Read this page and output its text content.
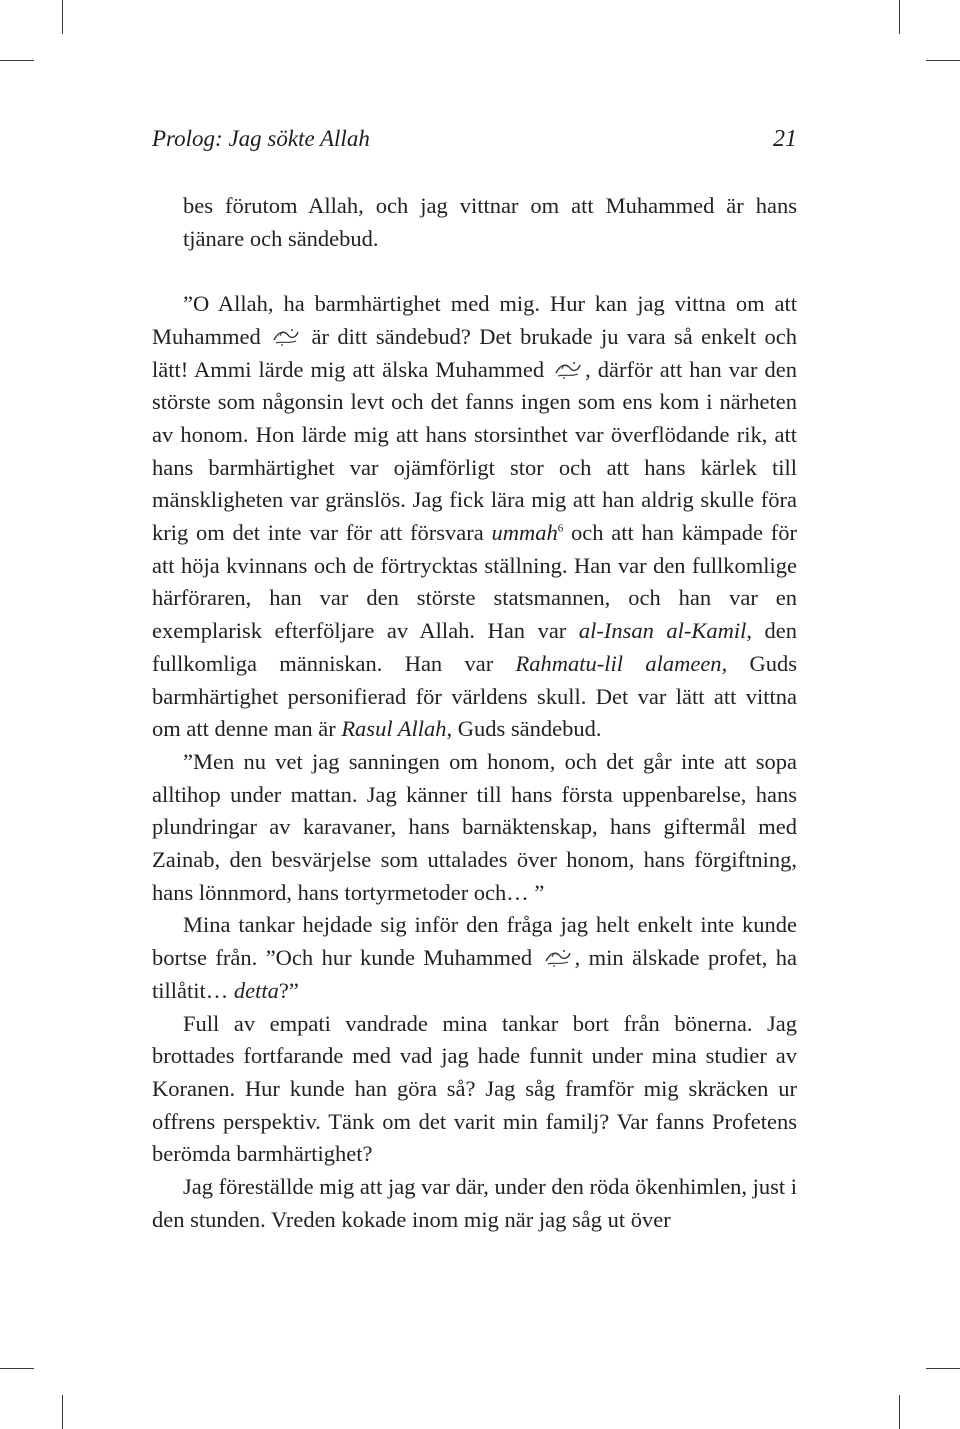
Prolog: Jag sökte Allah	21

bes förutom Allah, och jag vittnar om att Muhammed är hans tjänare och sändebud.

”O Allah, ha barmhärtighet med mig. Hur kan jag vittna om att Muhammed
är ditt sändebud? Det brukade ju vara så enkelt och lätt! Ammi lärde mig att älska Muhammed
, därför att han var den störste som någonsin levt och det fanns ingen som ens kom i närheten av honom. Hon lärde mig att hans storsinthet var överflödande rik, att hans barmhärtighet var ojämförligt stor och att hans kärlek till mänskligheten var gränslös. Jag fick lära mig att han aldrig skulle föra krig om det inte var för att försvara ummah$^6$ och att han kämpade för att höja kvinnans och de förtrycktas ställning. Han var den fullkomlige härföraren, han var den störste statsmannen, och han var en exemplarisk efterföljare av Allah. Han var al-Insan al-Kamil, den fullkomliga människan. Han var Rahmatu-lil alameen, Guds barmhärtighet personifierad för världens skull. Det var lätt att vittna om att denne man är Rasul Allah, Guds sändebud.

”Men nu vet jag sanningen om honom, och det går inte att sopa alltihop under mattan. Jag känner till hans första uppenbarelse, hans plundringar av karavaner, hans barnäktenskap, hans giftermål med Zainab, den besvärjelse som uttalades över honom, hans förgiftning, hans lönnmord, hans tortyrmetoder och… ”

Mina tankar hejdade sig inför den fråga jag helt enkelt inte kunde bortse från. ”Och hur kunde Muhammed
, min älskade profet, ha tillåtit… detta?”

Full av empati vandrade mina tankar bort från bönerna. Jag brottades fortfarande med vad jag hade funnit under mina studier av Koranen. Hur kunde han göra så? Jag såg framför mig skräcken ur offrens perspektiv. Tänk om det varit min familj? Var fanns Profetens berömda barmhärtighet?

Jag föreställde mig att jag var där, under den röda ökenhimlen, just i den stunden. Vreden kokade inom mig när jag såg ut över
